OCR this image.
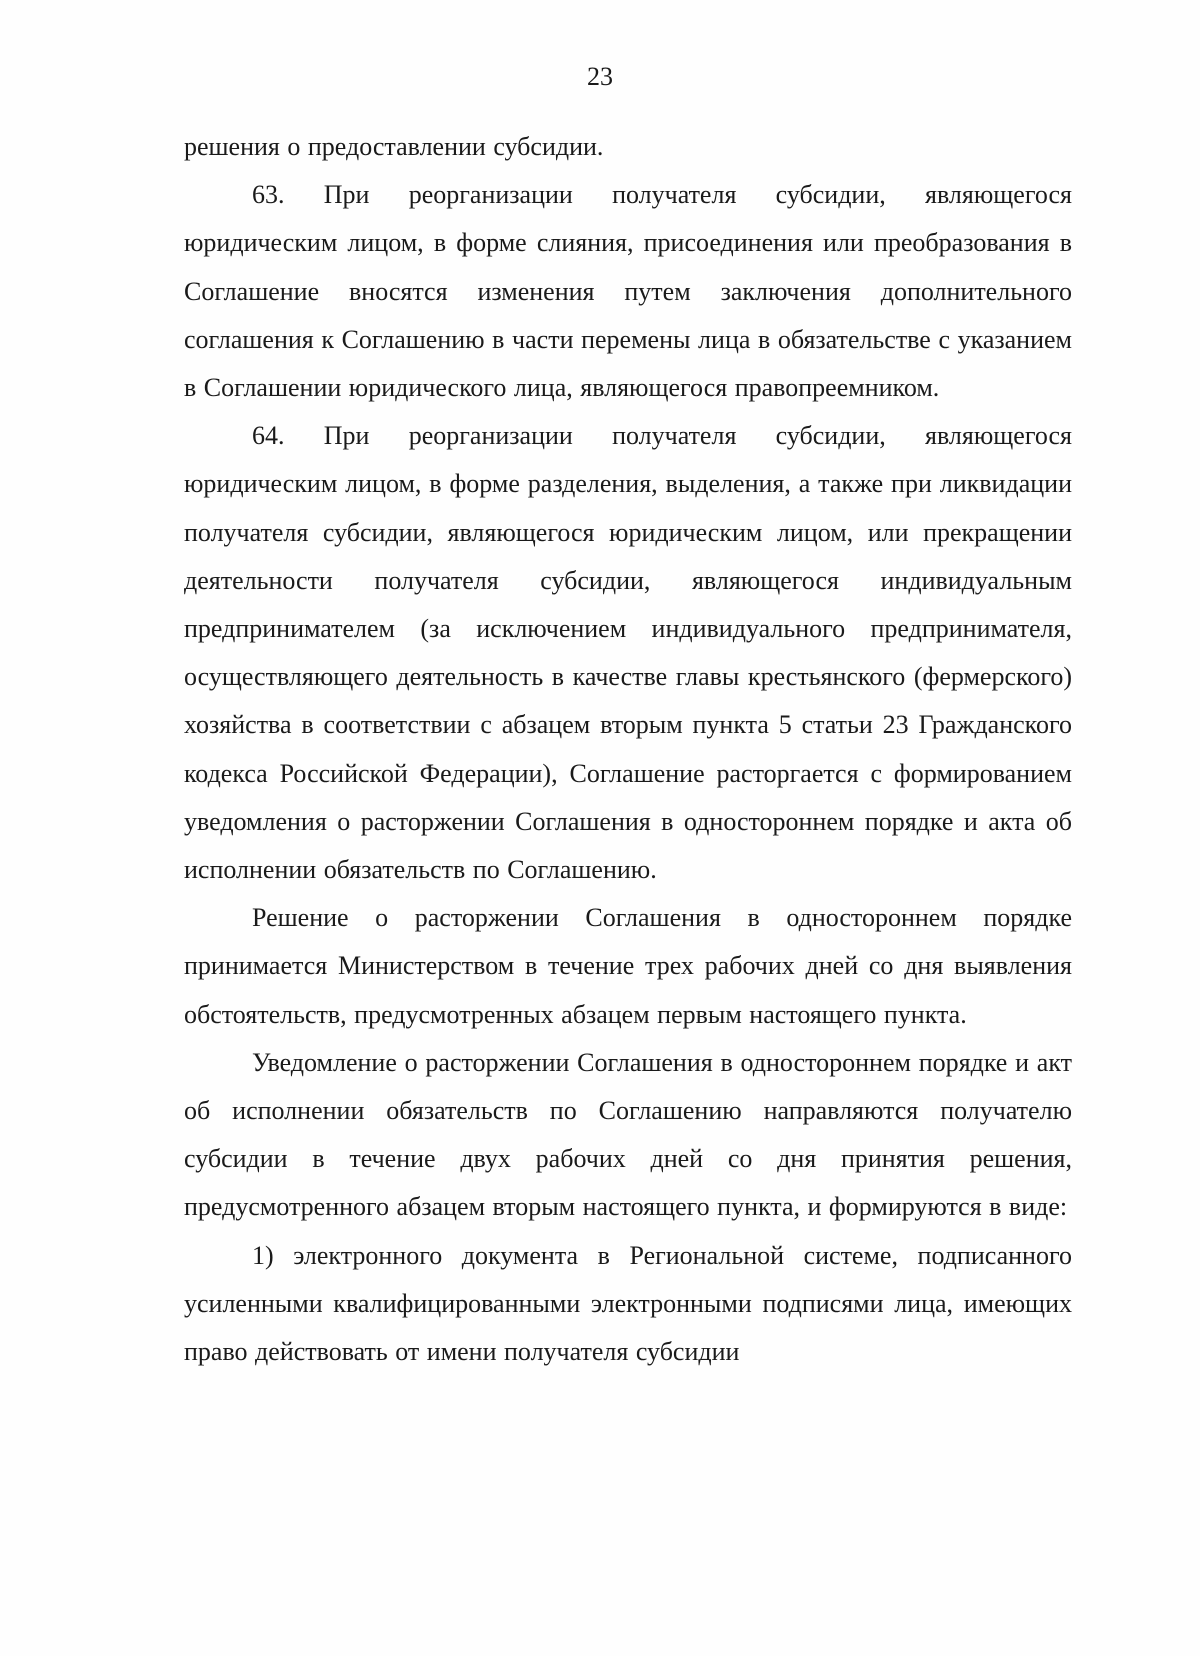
23

решения о предоставлении субсидии.

63. При реорганизации получателя субсидии, являющегося юридическим лицом, в форме слияния, присоединения или преобразования в Соглашение вносятся изменения путем заключения дополнительного соглашения к Соглашению в части перемены лица в обязательстве с указанием в Соглашении юридического лица, являющегося правопреемником.

64. При реорганизации получателя субсидии, являющегося юридическим лицом, в форме разделения, выделения, а также при ликвидации получателя субсидии, являющегося юридическим лицом, или прекращении деятельности получателя субсидии, являющегося индивидуальным предпринимателем (за исключением индивидуального предпринимателя, осуществляющего деятельность в качестве главы крестьянского (фермерского) хозяйства в соответствии с абзацем вторым пункта 5 статьи 23 Гражданского кодекса Российской Федерации), Соглашение расторгается с формированием уведомления о расторжении Соглашения в одностороннем порядке и акта об исполнении обязательств по Соглашению.

Решение о расторжении Соглашения в одностороннем порядке принимается Министерством в течение трех рабочих дней со дня выявления обстоятельств, предусмотренных абзацем первым настоящего пункта.

Уведомление о расторжении Соглашения в одностороннем порядке и акт об исполнении обязательств по Соглашению направляются получателю субсидии в течение двух рабочих дней со дня принятия решения, предусмотренного абзацем вторым настоящего пункта, и формируются в виде:

1) электронного документа в Региональной системе, подписанного усиленными квалифицированными электронными подписями лица, имеющих право действовать от имени получателя субсидии
